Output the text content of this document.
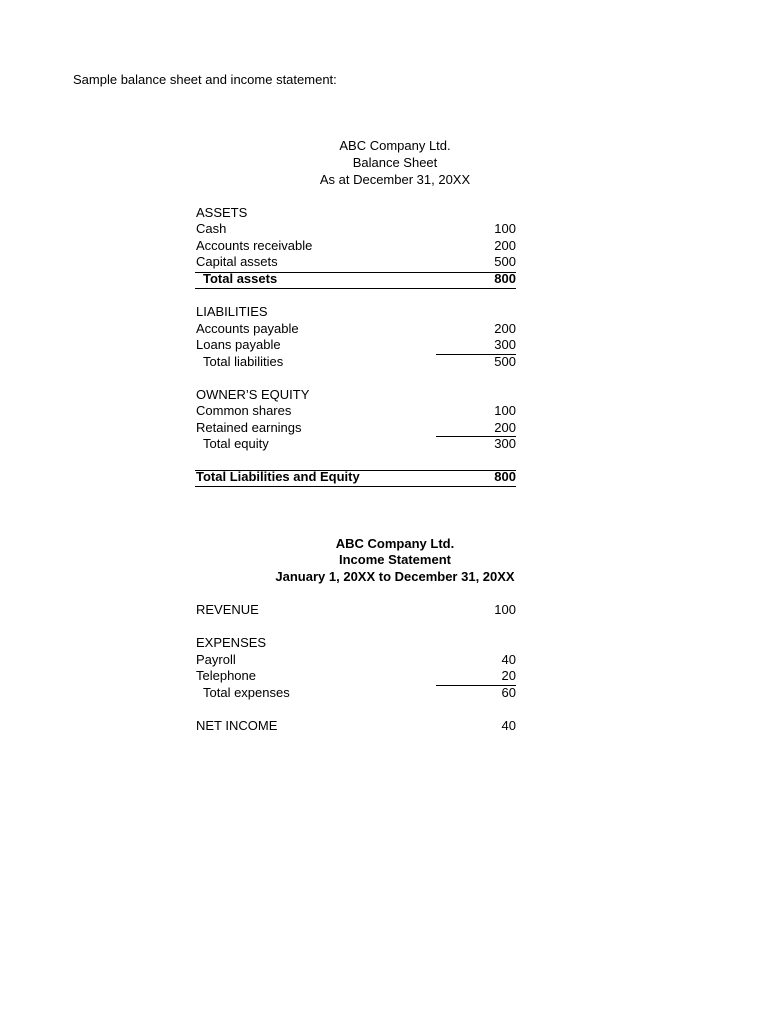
Sample balance sheet and income statement:
ABC Company Ltd.
Balance Sheet
As at December 31, 20XX
ASSETS
Cash	100
Accounts receivable	200
Capital assets	500
Total assets	800
LIABILITIES
Accounts payable	200
Loans payable	300
Total liabilities	500
OWNER’S EQUITY
Common shares	100
Retained earnings	200
Total equity	300
Total Liabilities and Equity	800
ABC Company Ltd.
Income Statement
January 1, 20XX to December 31, 20XX
REVENUE	100
EXPENSES
Payroll	40
Telephone	20
Total expenses	60
NET INCOME	40
